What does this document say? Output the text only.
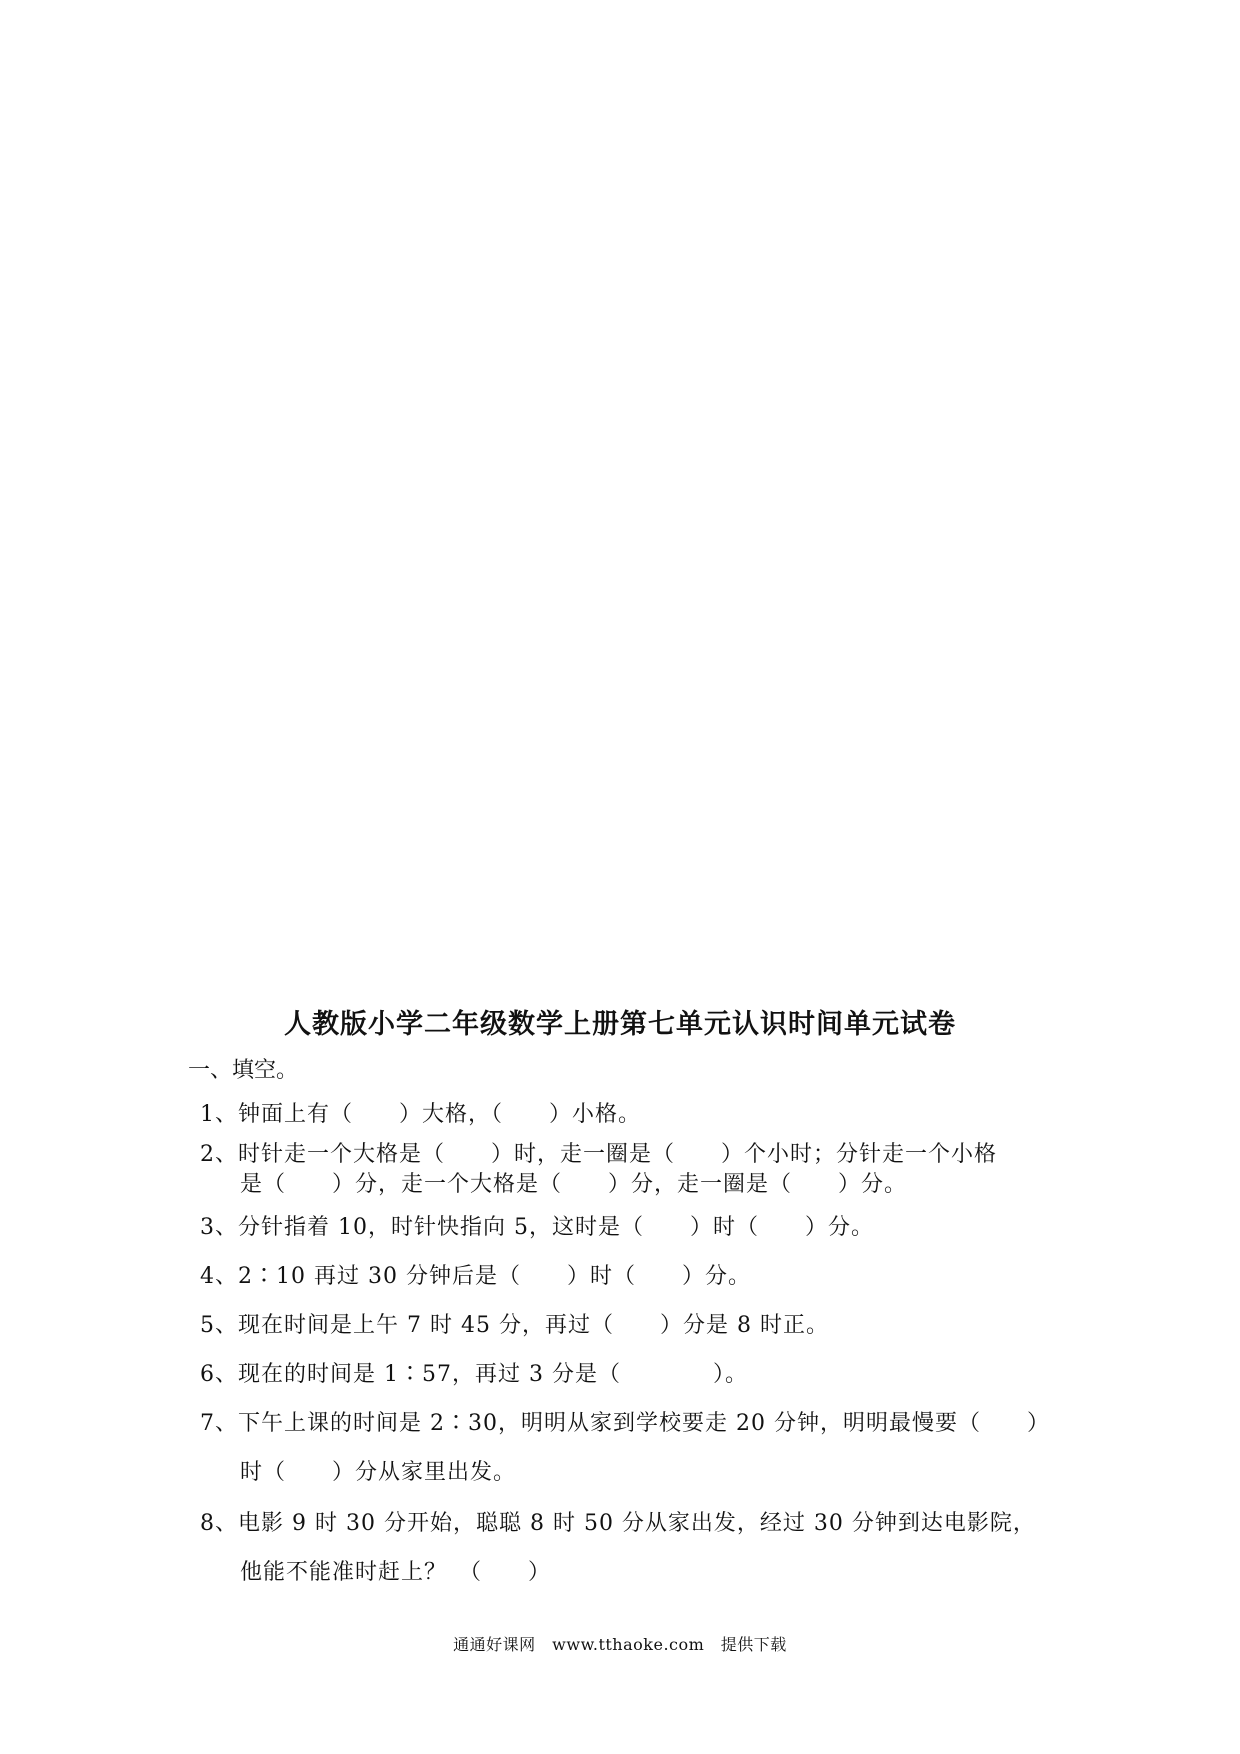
人教版小学二年级数学上册第七单元认识时间单元试卷
一、填空。
1、钟面上有（　　）大格，（　　）小格。
2、时针走一个大格是（　　）时，走一圈是（　　）个小时；分针走一个小格
是（　　）分，走一个大格是（　　）分，走一圈是（　　）分。
3、分针指着 10，时针快指向 5，这时是（　　）时（　　）分。
4、2∶10 再过 30 分钟后是（　　）时（　　）分。
5、现在时间是上午 7 时 45 分，再过（　　）分是 8 时正。
6、现在的时间是 1∶57，再过 3 分是（　　　　）。
7、下午上课的时间是 2∶30，明明从家到学校要走 20 分钟，明明最慢要（　　）
时（　　）分从家里出发。
8、电影 9 时 30 分开始，聪聪 8 时 50 分从家出发，经过 30 分钟到达电影院，
他能不能准时赶上？　（　　）
通通好课网　www.tthaoke.com　提供下载
